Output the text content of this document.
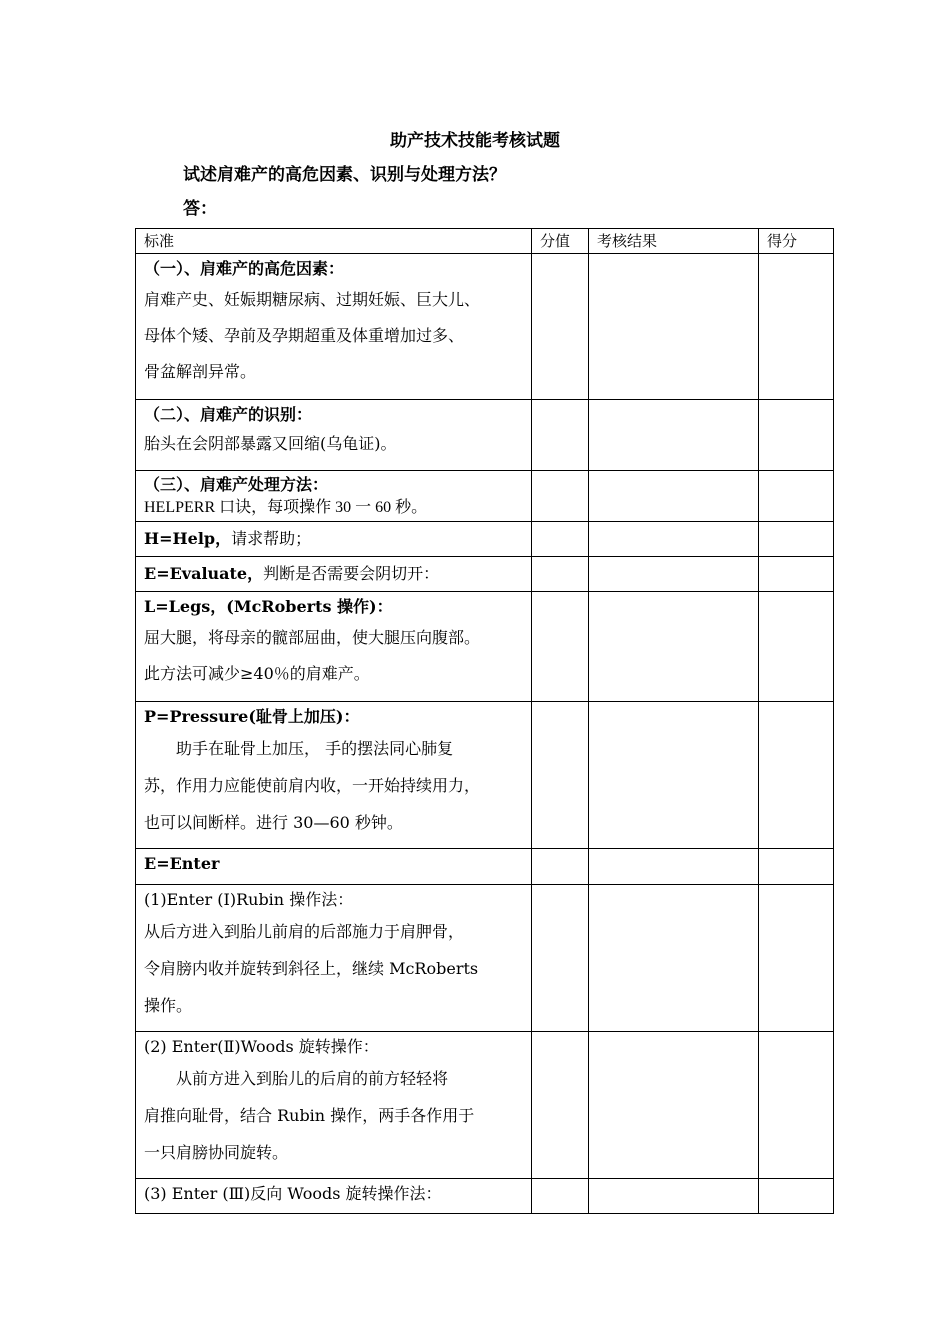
助产技术技能考核试题
试述肩难产的高危因素、识别与处理方法？
答：
标准	分值	考核结果	得分

（一）、肩难产的高危因素：
肩难产史、妊娠期糖尿病、过期妊娠、巨大儿、
母体个矮、孕前及孕期超重及体重增加过多、
骨盆解剖异常。			

（二）、肩难产的识别：
胎头在会阴部暴露又回缩(乌龟证)。			

（三）、肩难产处理方法：
HELPERR 口诀，每项操作 30 一 60 秒。			

H=Help，请求帮助；			
E=Evaluate，判断是否需要会阴切开：			

L=Legs，(McRoberts 操作)：
屈大腿，将母亲的髋部屈曲，使大腿压向腹部。
此方法可减少≥40％的肩难产。			

P=Pressure(耻骨上加压)：
助手在耻骨上加压， 手的摆法同心肺复
苏，作用力应能使前肩内收，一开始持续用力，
也可以间断样。进行 30—60 秒钟。			

E=Enter			

(1)Enter (I)Rubin 操作法：
从后方进入到胎儿前肩的后部施力于肩胛骨，
令肩膀内收并旋转到斜径上，继续 McRoberts
操作。			

(2) Enter(Ⅱ)Woods 旋转操作：
从前方进入到胎儿的后肩的前方轻轻将
肩推向耻骨，结合 Rubin 操作，两手各作用于
一只肩膀协同旋转。			

(3) Enter (Ⅲ)反向 Woods 旋转操作法：			
